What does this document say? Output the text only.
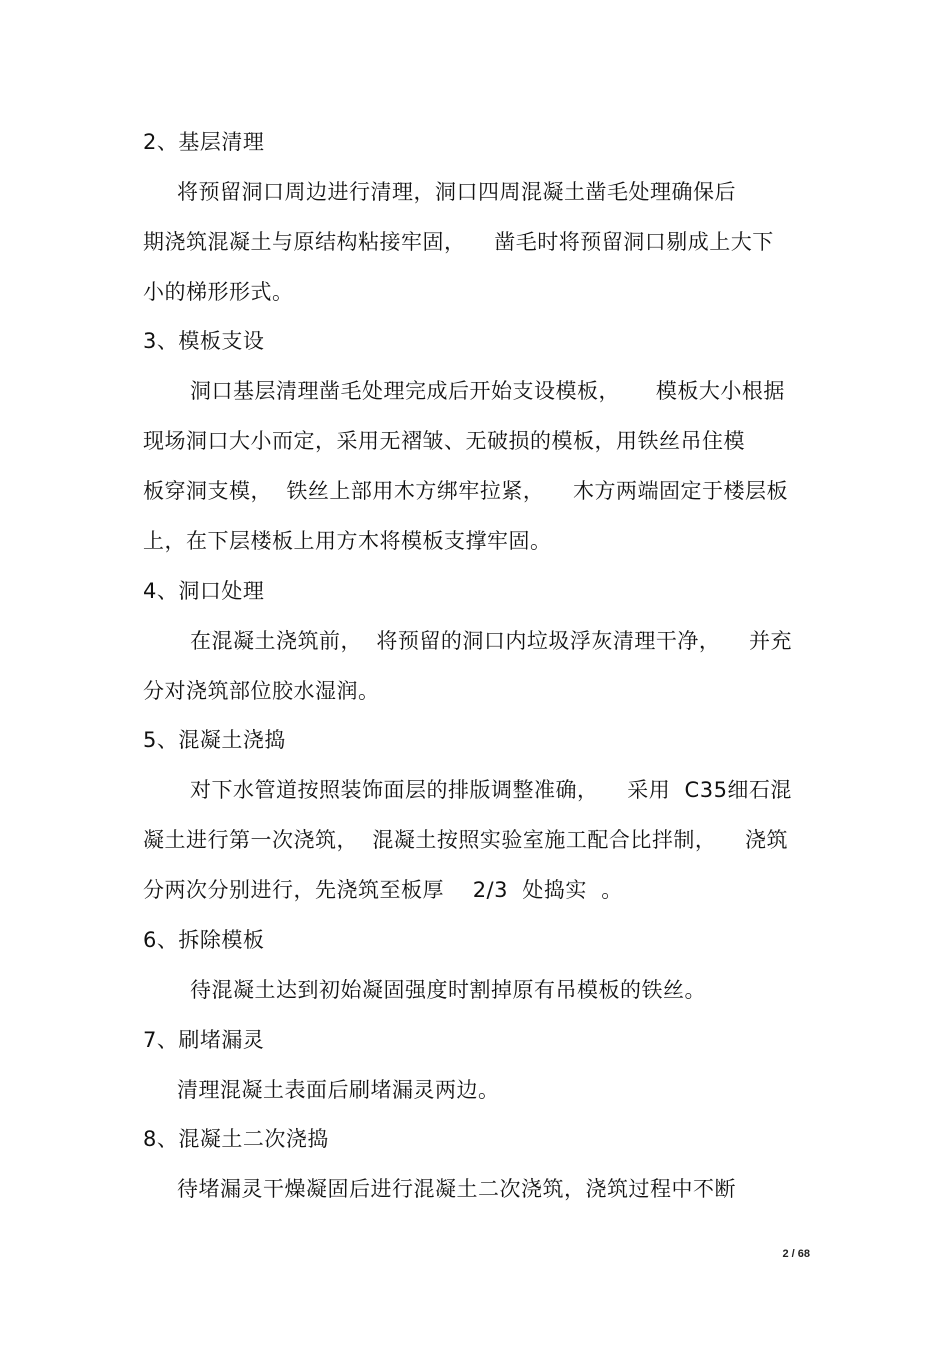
2、基层清理
将预留洞口周边进行清理，洞口四周混凝土凿毛处理确保后
期浇筑混凝土与原结构粘接牢固，    凿毛时将预留洞口剔成上大下
小的梯形形式。
3、模板支设
洞口基层清理凿毛处理完成后开始支设模板，     模板大小根据
现场洞口大小而定，采用无褶皱、无破损的模板，用铁丝吊住模
板穿洞支模，  铁丝上部用木方绑牢拉紧，    木方两端固定于楼层板
上，在下层楼板上用方木将模板支撑牢固。
4、洞口处理
在混凝土浇筑前，  将预留的洞口内垃圾浮灰清理干净，    并充
分对浇筑部位胶水湿润。
5、混凝土浇捣
对下水管道按照装饰面层的排版调整准确，    采用  C35细石混
凝土进行第一次浇筑，  混凝土按照实验室施工配合比拌制，    浇筑
分两次分别进行，先浇筑至板厚    2/3  处捣实  。
6、拆除模板
待混凝土达到初始凝固强度时割掉原有吊模板的铁丝。
7、刷堵漏灵
清理混凝土表面后刷堵漏灵两边。
8、混凝土二次浇捣
待堵漏灵干燥凝固后进行混凝土二次浇筑，浇筑过程中不断
2 / 68
